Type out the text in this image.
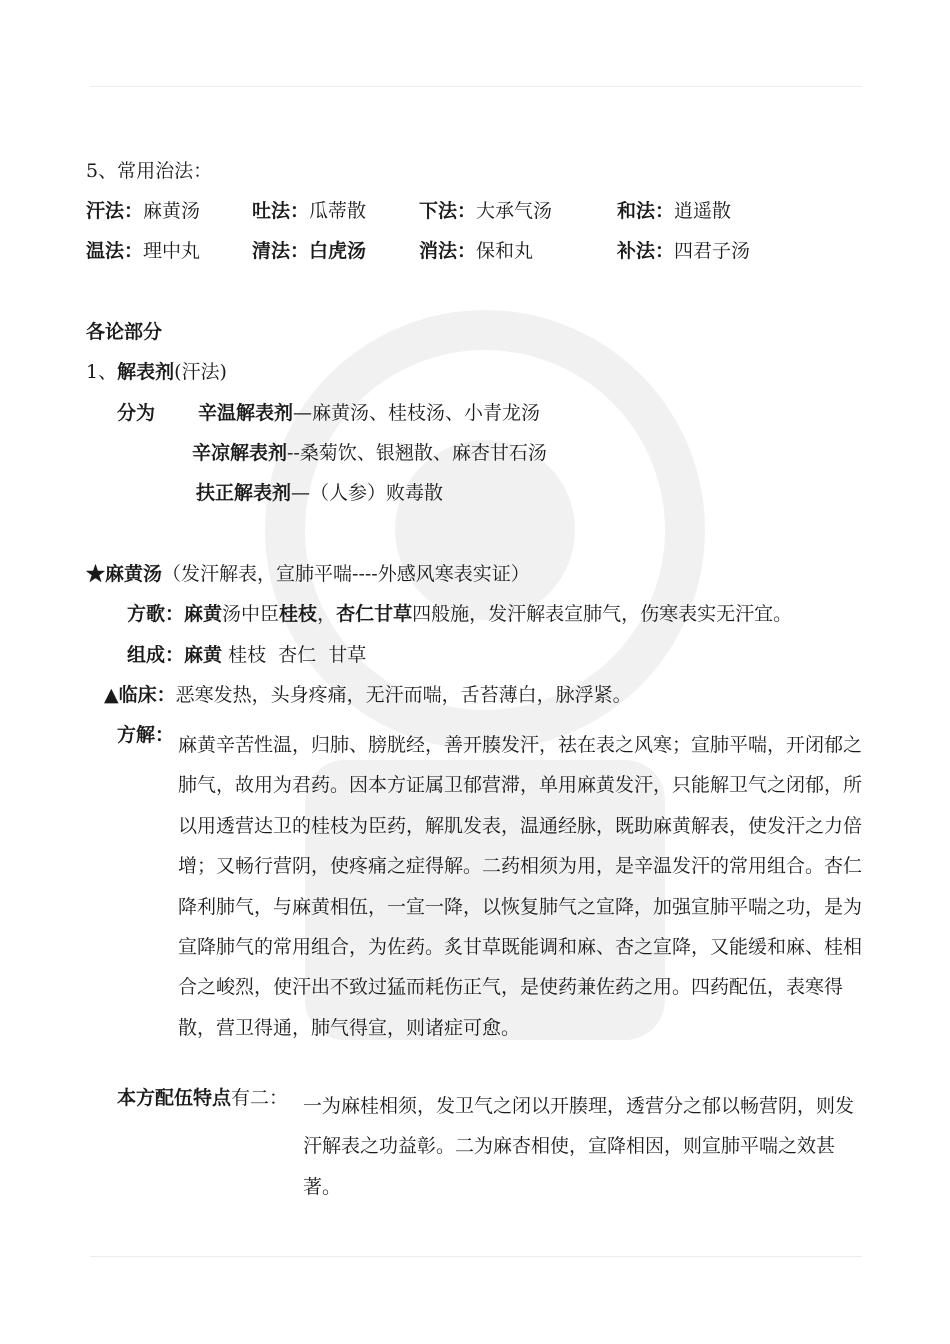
5、常用治法：
汗法：麻黄汤	吐法：瓜蒂散	下法：大承气汤	和法：逍遥散
温法：理中丸	清法：白虎汤	消法：保和丸	补法：四君子汤
各论部分
1、解表剂(汗法)
分为 辛温解表剂—麻黄汤、桂枝汤、小青龙汤
辛凉解表剂--桑菊饮、银翘散、麻杏甘石汤
扶正解表剂—（人参）败毒散
★麻黄汤（发汗解表，宣肺平喘----外感风寒表实证）
方歌：麻黄汤中臣桂枝，杏仁甘草四般施，发汗解表宣肺气，伤寒表实无汗宜。
组成：麻黄 桂枝  杏仁  甘草
▲临床：恶寒发热，头身疼痛，无汗而喘，舌苔薄白，脉浮紧。
方解： 麻黄辛苦性温，归肺、膀胱经，善开腠发汗，祛在表之风寒；宣肺平喘，开闭郁之肺气，故用为君药。因本方证属卫郁营滞，单用麻黄发汗，只能解卫气之闭郁，所以用透营达卫的桂枝为臣药，解肌发表，温通经脉，既助麻黄解表，使发汗之力倍增；又畅行营阴，使疼痛之症得解。二药相须为用，是辛温发汗的常用组合。杏仁降利肺气，与麻黄相伍，一宣一降，以恢复肺气之宣降，加强宣肺平喘之功，是为宣降肺气的常用组合，为佐药。炙甘草既能调和麻、杏之宣降，又能缓和麻、桂相合之峻烈，使汗出不致过猛而耗伤正气，是使药兼佐药之用。四药配伍，表寒得散，营卫得通，肺气得宣，则诸症可愈。
本方配伍特点有二： 一为麻桂相须，发卫气之闭以开腠理，透营分之郁以畅营阴，则发汗解表之功益彰。二为麻杏相使，宣降相因，则宣肺平喘之效甚著。
